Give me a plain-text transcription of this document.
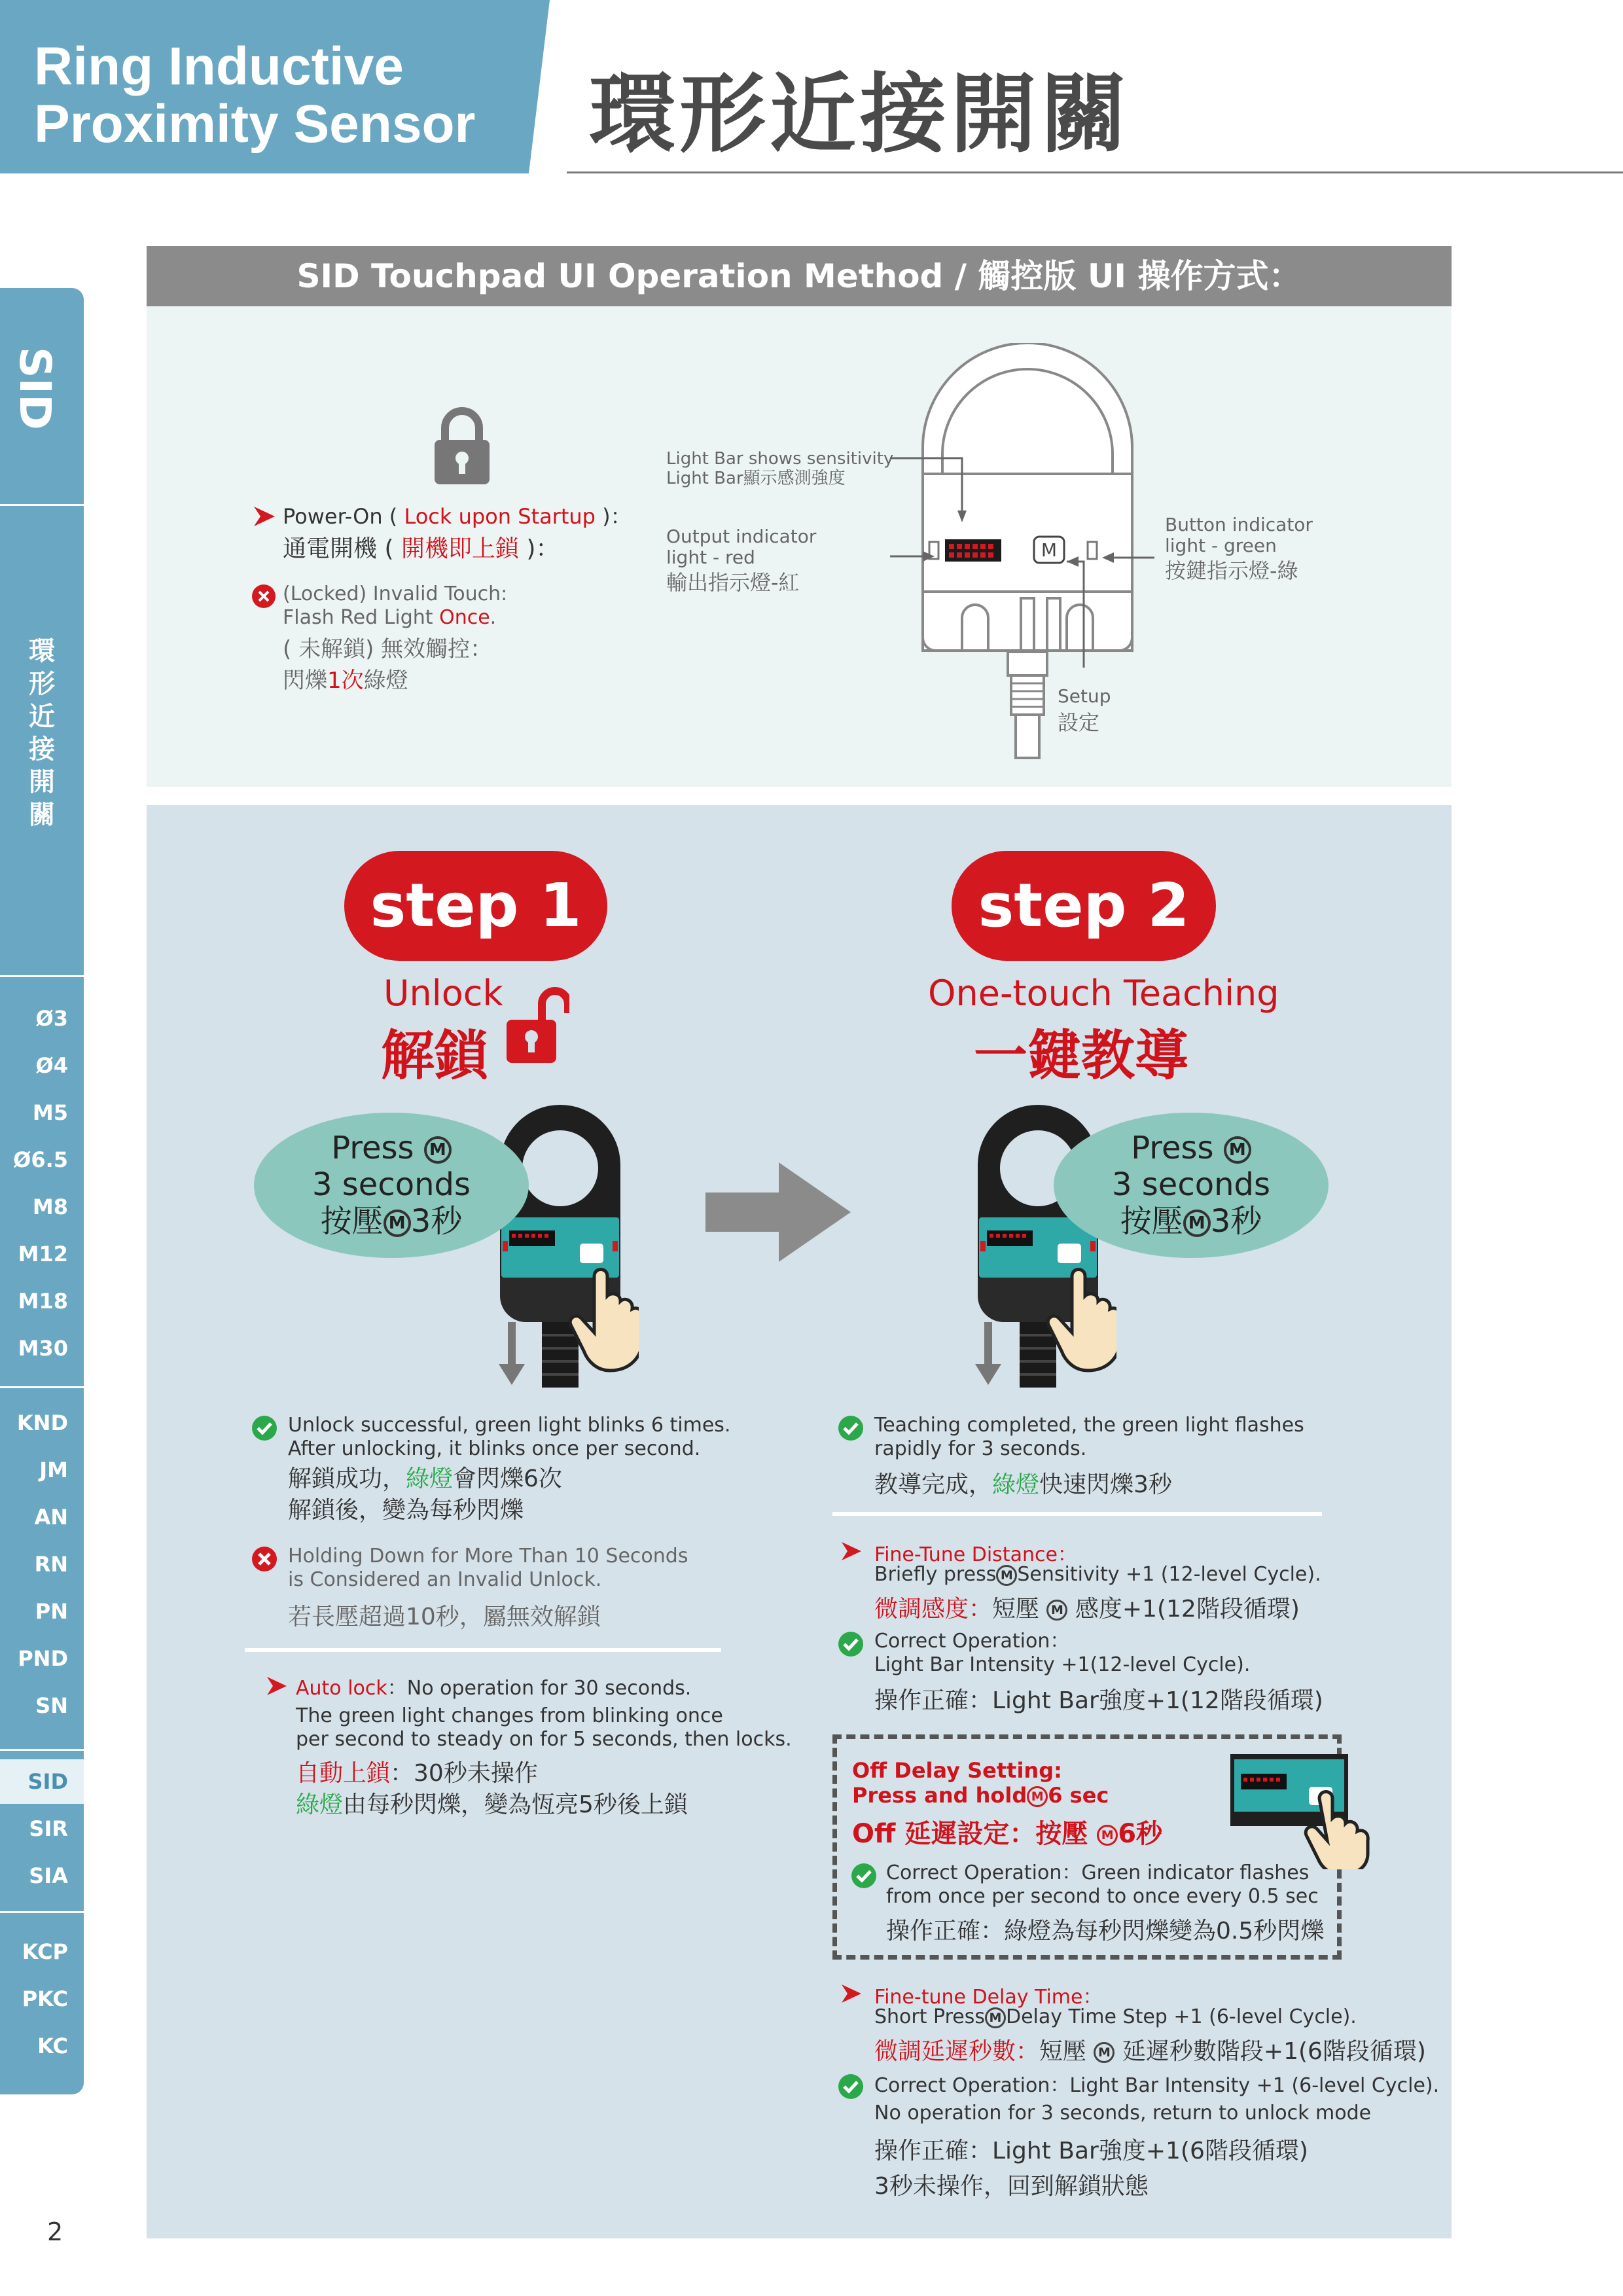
Ring Inductive
Proximity Sensor	環形近接開關
SID
環
形
近
接
開
關
Ø3
Ø4
M5
Ø6.5
M8
M12
M18
M30
KND
JM
AN
RN
PN
PND
SN
SID
SIR
SIA
KCP
PKC
KC
2
SID Touchpad UI Operation Method / 觸控版 UI 操作方式：
Power-On ( Lock upon Startup )：
通電開機 ( 開機即上鎖 )：
(Locked) Invalid Touch:
Flash Red Light Once.
( 未解鎖) 無效觸控：
閃爍1次綠燈
M
Light Bar shows sensitivity
Light Bar顯示感測強度
Output indicator
light - red
輸出指示燈-紅
Button indicator
light - green
按鍵指示燈-綠
Setup
設定
step 1
Unlock
解鎖
Press M
3 seconds
按壓 M 3秒
Unlock successful, green light blinks 6 times.
After unlocking, it blinks once per second.
解鎖成功，綠燈會閃爍6次
解鎖後，變為每秒閃爍
Holding Down for More Than 10 Seconds
is Considered an Invalid Unlock.
若長壓超過10秒，屬無效解鎖
Auto lock：No operation for 30 seconds.
The green light changes from blinking once
per second to steady on for 5 seconds, then locks.
自動上鎖：30秒未操作
綠燈由每秒閃爍，變為恆亮5秒後上鎖
step 2
One-touch Teaching
一鍵教導
Press M
3 seconds
按壓 M 3秒
Teaching completed, the green light flashes
rapidly for 3 seconds.
教導完成，綠燈快速閃爍3秒
Fine-Tune Distance：
Briefly press M Sensitivity +1 (12-level Cycle).
微調感度：短壓 M 感度+1(12階段循環)
Correct Operation：
Light Bar Intensity +1(12-level Cycle).
操作正確：Light Bar強度+1(12階段循環)
Off Delay Setting:
Press and hold M 6 sec
Off 延遲設定：按壓 M 6秒
Correct Operation：Green indicator flashes
from once per second to once every 0.5 sec
操作正確：綠燈為每秒閃爍變為0.5秒閃爍
Fine-tune Delay Time：
Short Press M Delay Time Step +1 (6-level Cycle).
微調延遲秒數：短壓 M 延遲秒數階段+1(6階段循環)
Correct Operation：Light Bar Intensity +1 (6-level Cycle).
No operation for 3 seconds, return to unlock mode
操作正確：Light Bar強度+1(6階段循環)
3秒未操作，回到解鎖狀態
